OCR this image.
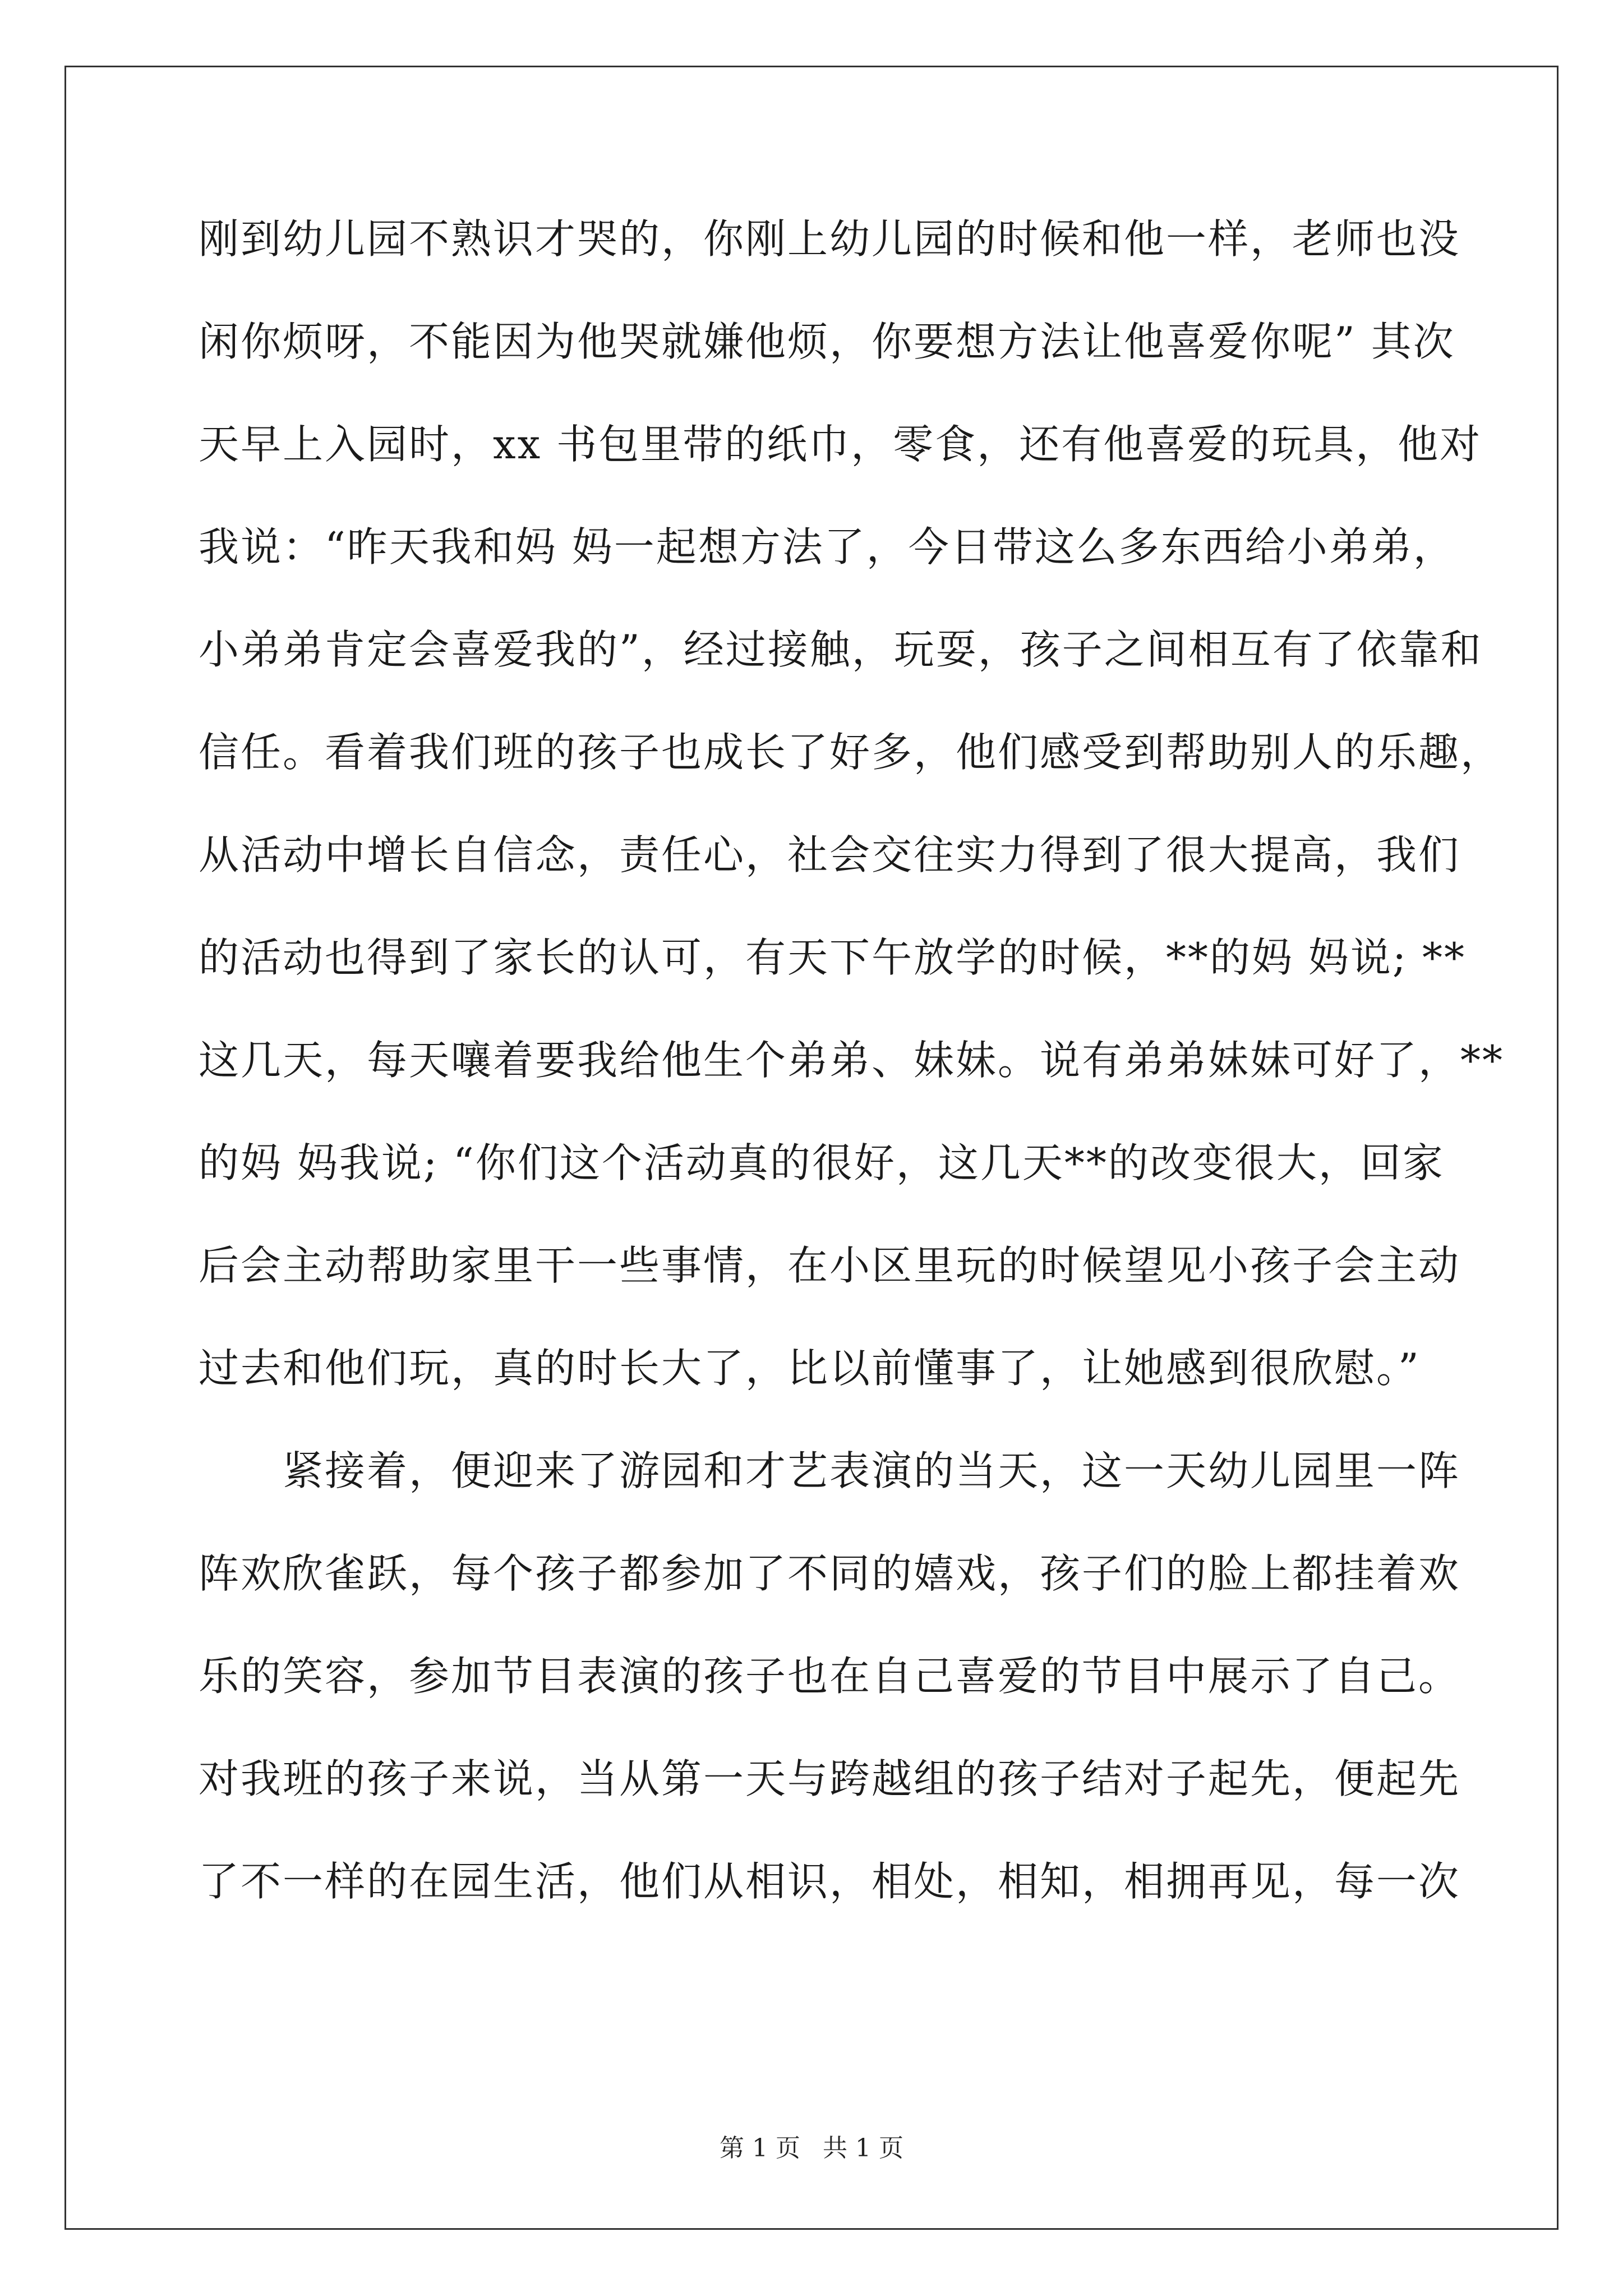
刚到幼儿园不熟识才哭的，你刚上幼儿园的时候和他一样，老师也没
闲你烦呀，不能因为他哭就嫌他烦，你要想方法让他喜爱你呢” 其次
天早上入园时，xx 书包里带的纸巾，零食，还有他喜爱的玩具，他对
我说：“昨天我和妈 妈一起想方法了，今日带这么多东西给小弟弟，
小弟弟肯定会喜爱我的”，经过接触，玩耍，孩子之间相互有了依靠和
信任。看着我们班的孩子也成长了好多，他们感受到帮助别人的乐趣，
从活动中增长自信念，责任心，社会交往实力得到了很大提高，我们
的活动也得到了家长的认可，有天下午放学的时候，**的妈 妈说; **
这几天，每天嚷着要我给他生个弟弟、妹妹。说有弟弟妹妹可好了，**
的妈 妈我说; “你们这个活动真的很好，这几天**的改变很大，回家
后会主动帮助家里干一些事情，在小区里玩的时候望见小孩子会主动
过去和他们玩，真的时长大了，比以前懂事了，让她感到很欣慰。”
　　紧接着，便迎来了游园和才艺表演的当天，这一天幼儿园里一阵
阵欢欣雀跃，每个孩子都参加了不同的嬉戏，孩子们的脸上都挂着欢
乐的笑容，参加节目表演的孩子也在自己喜爱的节目中展示了自己。
对我班的孩子来说，当从第一天与跨越组的孩子结对子起先，便起先
了不一样的在园生活，他们从相识，相处，相知，相拥再见，每一次
第 1 页 共 1 页
